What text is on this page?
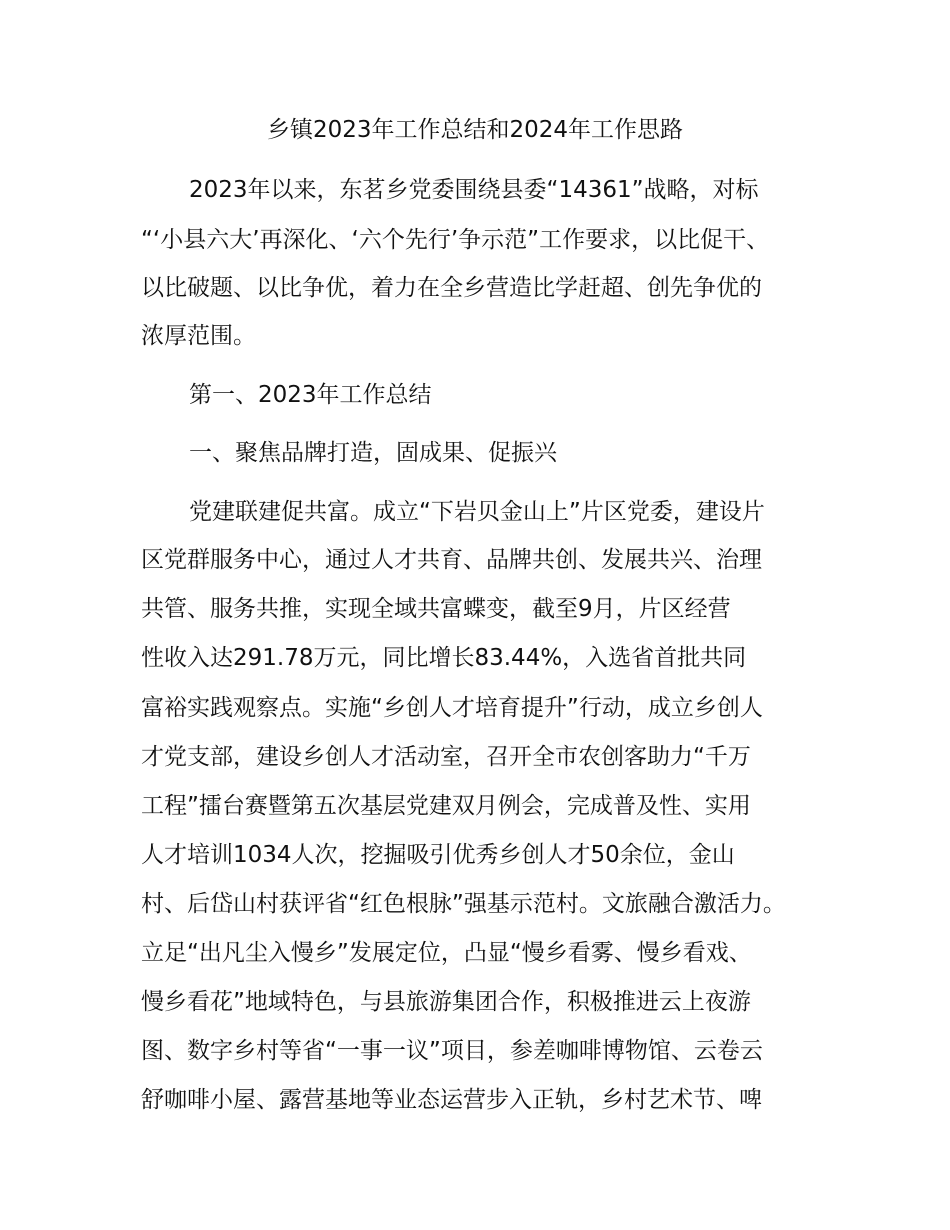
乡镇2023年工作总结和2024年工作思路
2023年以来，东茗乡党委围绕县委“14361”战略，对标
“‘小县六大’再深化、‘六个先行’争示范”工作要求，以比促干、
以比破题、以比争优，着力在全乡营造比学赶超、创先争优的
浓厚范围。
第一、2023年工作总结
一、聚焦品牌打造，固成果、促振兴
党建联建促共富。成立“下岩贝金山上”片区党委，建设片
区党群服务中心，通过人才共育、品牌共创、发展共兴、治理
共管、服务共推，实现全域共富蝶变，截至9月，片区经营
性收入达291.78万元，同比增长83.44%，入选省首批共同
富裕实践观察点。实施“乡创人才培育提升”行动，成立乡创人
才党支部，建设乡创人才活动室，召开全市农创客助力“千万
工程”擂台赛暨第五次基层党建双月例会，完成普及性、实用
人才培训1034人次，挖掘吸引优秀乡创人才50余位，金山
村、后岱山村获评省“红色根脉”强基示范村。文旅融合激活力。
立足“出凡尘入慢乡”发展定位，凸显“慢乡看雾、慢乡看戏、
慢乡看花”地域特色，与县旅游集团合作，积极推进云上夜游
图、数字乡村等省“一事一议”项目，参差咖啡博物馆、云卷云
舒咖啡小屋、露营基地等业态运营步入正轨，乡村艺术节、啤
